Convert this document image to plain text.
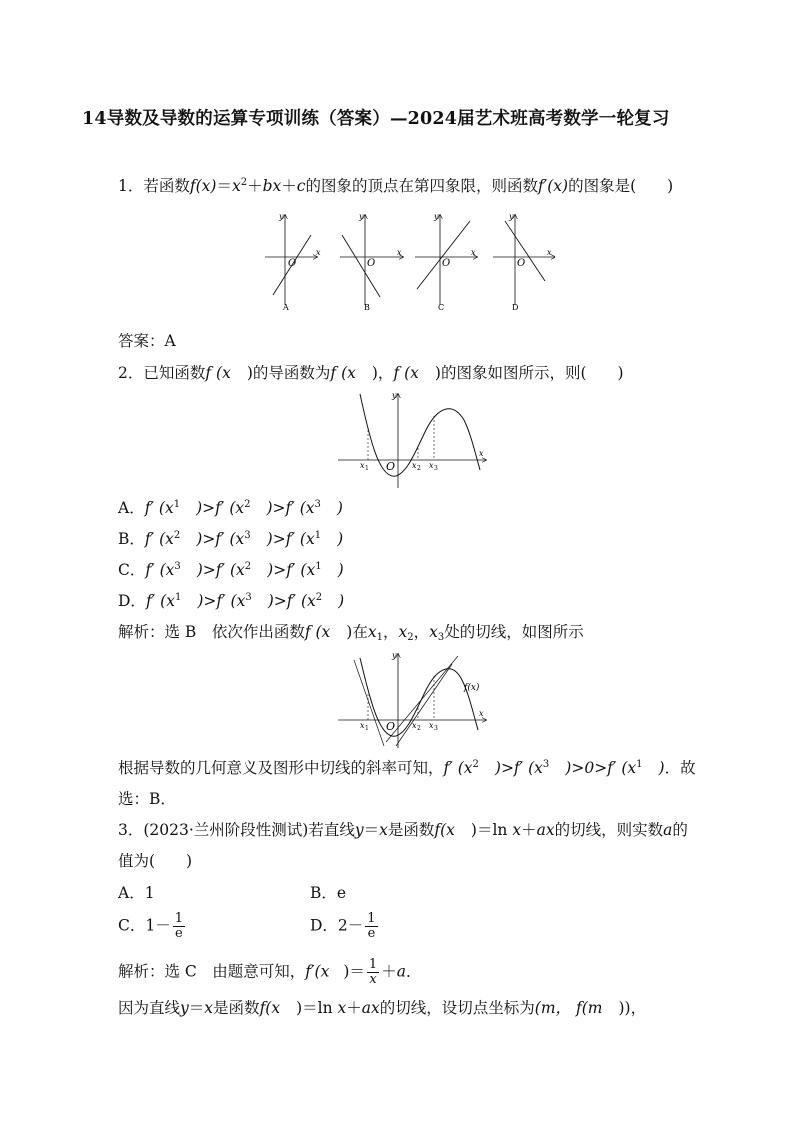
14导数及导数的运算专项训练（答案）—2024届艺术班高考数学一轮复习
1．若函数$f(x)=x^2+bx+c$的图象的顶点在第四象限，则函数f′(x)的图象是(　　)
y
x
O
A
y
x
O
B
y
x
O
C
y
x
O
D
答案：A
2．已知函数f (x )的导函数为f (x )，f (x )的图象如图所示，则(　　)
y
x
O
x 1	x 2 x 3
A．f′ ($x^1$ )>f′ ($x^2$ )>f′ ($x^3$ )
B．f′ ($x^2$ )>f′ ($x^3$ )>f′ ($x^1$ )
C．f′ ($x^3$ )>f′ ($x^2$ )>f′ ($x^1$ )
D．f′ ($x^1$ )>f′ ($x^3$ )>f′ ($x^2$ )
解析：选 B　依次作出函数f (x )在$x_1$，$x_2$，$x_3$处的切线，如图所示
y
x
O
f(x)
x 1	x 2 x 3
根据导数的几何意义及图形中切线的斜率可知，f′ ($x^2$ )>f′ ($x^3$ )>0>f′ ($x^1$ )．故
选：B．
3．(2023·兰州阶段性测试)若直线y＝x是函数f(x )＝ln x＋ax的切线，则实数a的
值为(　　)
A．1	B．e
C．$1- \frac{1}{e}$	D．$2- \frac{1}{e}$
解析：选 C　由题意可知，f′(x )＝ $\frac{1}{x} +a$．
因为直线y＝x是函数f(x )＝ln x＋ax的切线，设切点坐标为(m， f(m ))，
